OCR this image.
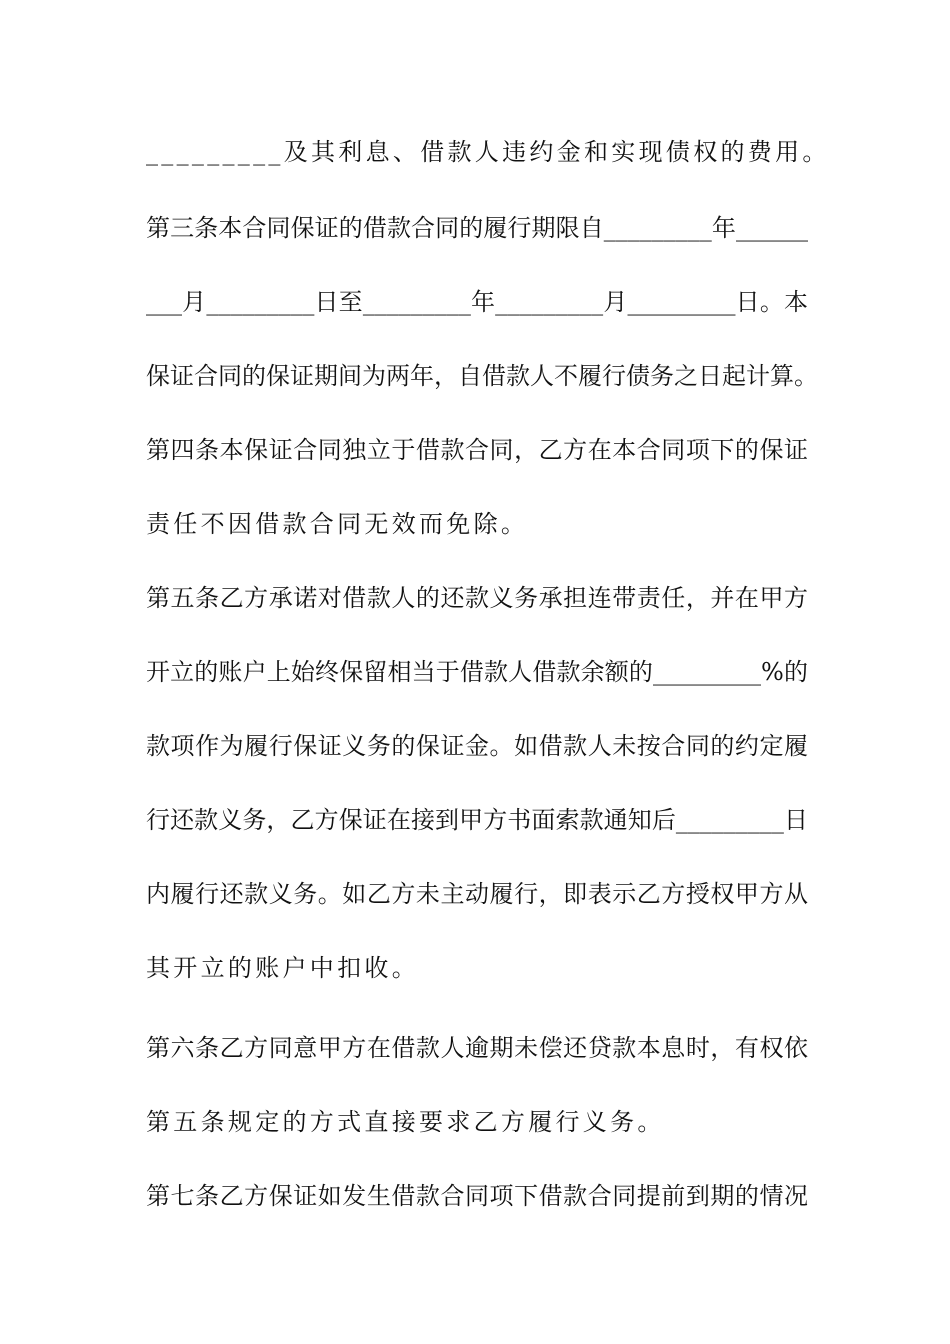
_________及其利息、借款人违约金和实现债权的费用。

第三条本合同保证的借款合同的履行期限自_________年______

___月_________日至_________年_________月_________日。本

保证合同的保证期间为两年，自借款人不履行债务之日起计算。

第四条本保证合同独立于借款合同，乙方在本合同项下的保证

责任不因借款合同无效而免除。

第五条乙方承诺对借款人的还款义务承担连带责任，并在甲方

开立的账户上始终保留相当于借款人借款余额的_________%的

款项作为履行保证义务的保证金。如借款人未按合同的约定履

行还款义务，乙方保证在接到甲方书面索款通知后_________日

内履行还款义务。如乙方未主动履行，即表示乙方授权甲方从

其开立的账户中扣收。

第六条乙方同意甲方在借款人逾期未偿还贷款本息时，有权依

第五条规定的方式直接要求乙方履行义务。

第七条乙方保证如发生借款合同项下借款合同提前到期的情况
